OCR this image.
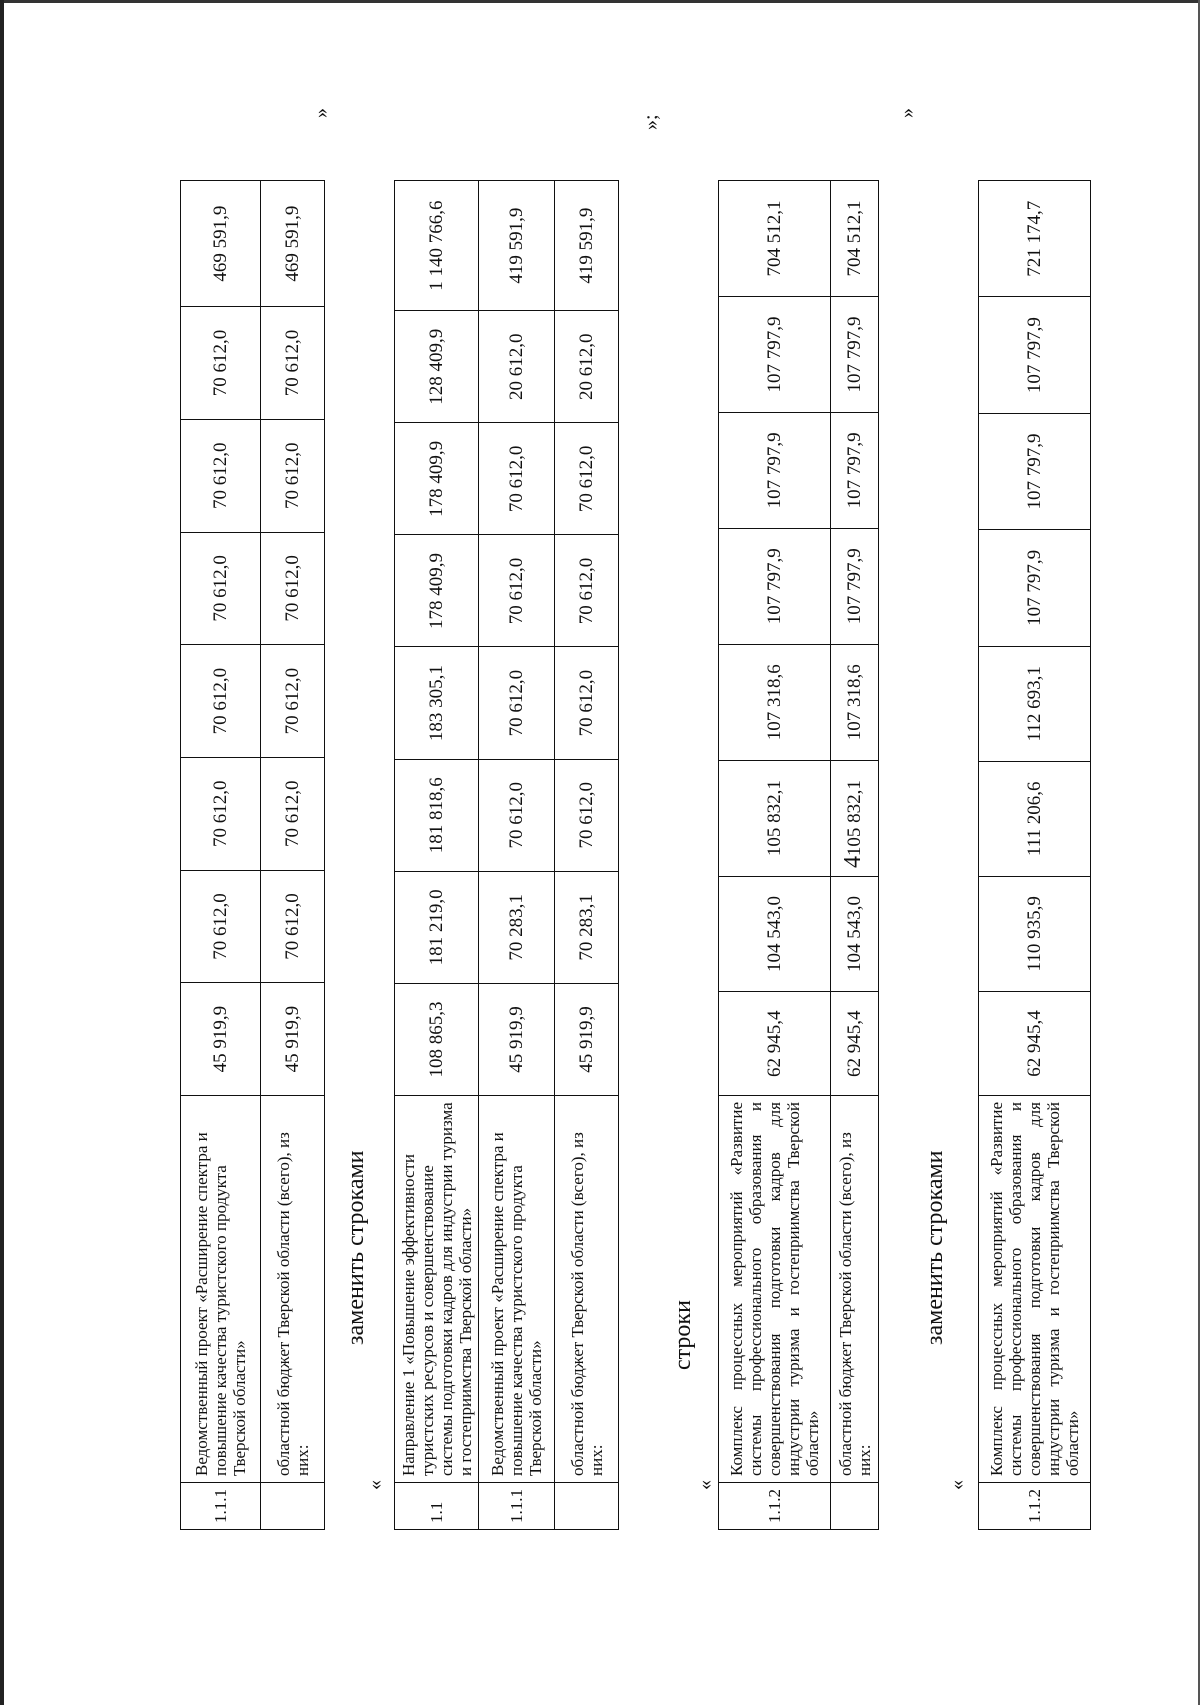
4
1.1.1	Ведомственный проект «Расширение спектра и повышение качества туристского продукта Тверской области»	45 919,9	70 612,0	70 612,0	70 612,0	70 612,0	70 612,0	70 612,0	469 591,9
	областной бюджет Тверской области (всего), из них:	45 919,9	70 612,0	70 612,0	70 612,0	70 612,0	70 612,0	70 612,0	469 591,9
»
заменить строками
«
1.1	Направление 1 «Повышение эффективности туристских ресурсов и совершенствование системы подготовки кадров для индустрии туризма и гостеприимства Тверской области»	108 865,3	181 219,0	181 818,6	183 305,1	178 409,9	178 409,9	128 409,9	1 140 766,6
1.1.1	Ведомственный проект «Расширение спектра и повышение качества туристского продукта Тверской области»	45 919,9	70 283,1	70 612,0	70 612,0	70 612,0	70 612,0	20 612,0	419 591,9
	областной бюджет Тверской области (всего), из них:	45 919,9	70 283,1	70 612,0	70 612,0	70 612,0	70 612,0	20 612,0	419 591,9
»;
строки
«
1.1.2	Комплекс процессных мероприятий «Развитие системы профессионального образования и совершенствования подготовки кадров для индустрии туризма и гостеприимства Тверской области»	62 945,4	104 543,0	105 832,1	107 318,6	107 797,9	107 797,9	107 797,9	704 512,1
	областной бюджет Тверской области (всего), из них:	62 945,4	104 543,0	105 832,1	107 318,6	107 797,9	107 797,9	107 797,9	704 512,1
»
заменить строками
«
1.1.2	Комплекс процессных мероприятий «Развитие системы профессионального образования и совершенствования подготовки кадров для индустрии туризма и гостеприимства Тверской области»	62 945,4	110 935,9	111 206,6	112 693,1	107 797,9	107 797,9	107 797,9	721 174,7
